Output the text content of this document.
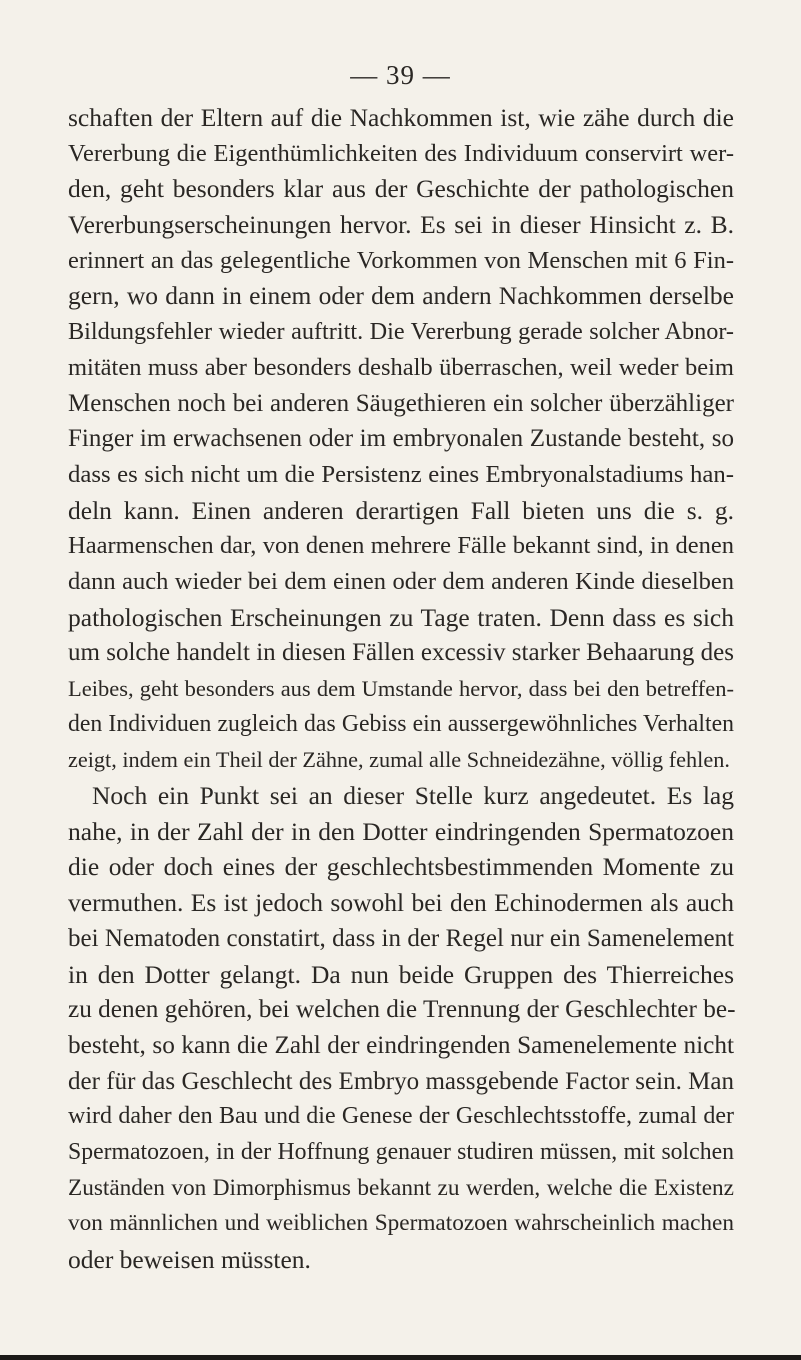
— 39 —
schaften der Eltern auf die Nachkommen ist, wie zähe durch die
Vererbung die Eigenthümlichkeiten des Individuum conservirt wer-
den, geht besonders klar aus der Geschichte der pathologischen
Vererbungserscheinungen hervor. Es sei in dieser Hinsicht z. B.
erinnert an das gelegentliche Vorkommen von Menschen mit 6 Fin-
gern, wo dann in einem oder dem andern Nachkommen derselbe
Bildungsfehler wieder auftritt. Die Vererbung gerade solcher Abnor-
mitäten muss aber besonders deshalb überraschen, weil weder beim
Menschen noch bei anderen Säugethieren ein solcher überzähliger
Finger im erwachsenen oder im embryonalen Zustande besteht, so
dass es sich nicht um die Persistenz eines Embryonalstadiums han-
deln kann. Einen anderen derartigen Fall bieten uns die s. g.
Haarmenschen dar, von denen mehrere Fälle bekannt sind, in denen
dann auch wieder bei dem einen oder dem anderen Kinde dieselben
pathologischen Erscheinungen zu Tage traten. Denn dass es sich
um solche handelt in diesen Fällen excessiv starker Behaarung des
Leibes, geht besonders aus dem Umstande hervor, dass bei den betreffen-
den Individuen zugleich das Gebiss ein aussergewöhnliches Verhalten
zeigt, indem ein Theil der Zähne, zumal alle Schneidezähne, völlig fehlen.
Noch ein Punkt sei an dieser Stelle kurz angedeutet. Es lag
nahe, in der Zahl der in den Dotter eindringenden Spermatozoen
die oder doch eines der geschlechtsbestimmenden Momente zu
vermuthen. Es ist jedoch sowohl bei den Echinodermen als auch
bei Nematoden constatirt, dass in der Regel nur ein Samenelement
in den Dotter gelangt. Da nun beide Gruppen des Thierreiches
zu denen gehören, bei welchen die Trennung der Geschlechter be-
besteht, so kann die Zahl der eindringenden Samenelemente nicht
der für das Geschlecht des Embryo massgebende Factor sein. Man
wird daher den Bau und die Genese der Geschlechtsstoffe, zumal der
Spermatozoen, in der Hoffnung genauer studiren müssen, mit solchen
Zuständen von Dimorphismus bekannt zu werden, welche die Existenz
von männlichen und weiblichen Spermatozoen wahrscheinlich machen
oder beweisen müssten.
